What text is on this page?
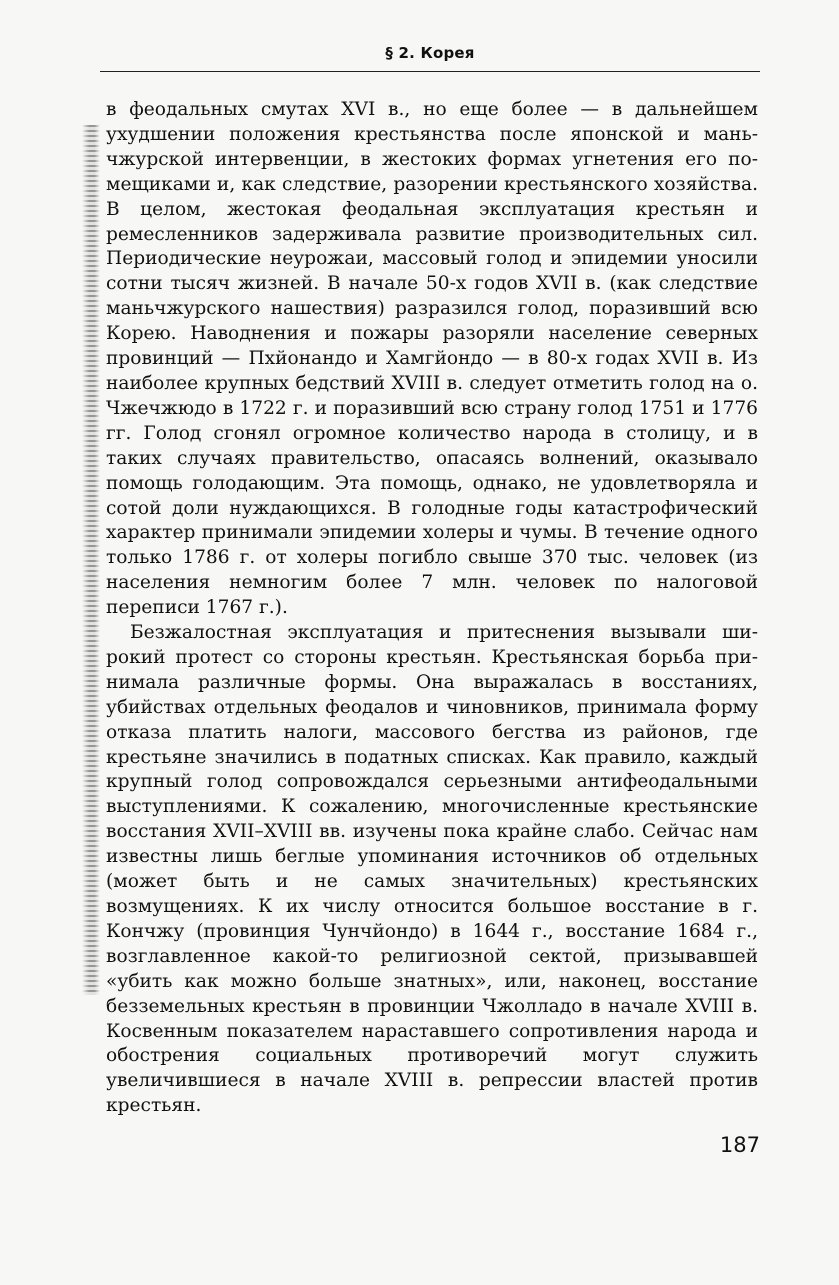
§ 2. Корея

в феодальных смутах XVI в., но еще более — в дальнейшем ухудшении положения крестьянства после японской и маньчжурской интервенции, в жестоких формах угнетения его помещиками и, как следствие, разорении крестьянского хозяйства. В целом, жестокая феодальная эксплуатация крестьян и ремесленников задерживала развитие производительных сил. Периодические неурожаи, массовый голод и эпидемии уносили сотни тысяч жизней. В начале 50-х годов XVII в. (как следствие маньчжурского нашествия) разразился голод, поразивший всю Корею. Наводнения и пожары разоряли население северных провинций — Пхйонандо и Хамгйондо — в 80-х годах XVII в. Из наиболее крупных бедствий XVIII в. следует отметить голод на о. Чжечжюдо в 1722 г. и поразивший всю страну голод 1751 и 1776 гг. Голод сгонял огромное количество народа в столицу, и в таких случаях правительство, опасаясь волнений, оказывало помощь голодающим. Эта помощь, однако, не удовлетворяла и сотой доли нуждающихся. В голодные годы катастрофический характер принимали эпидемии холеры и чумы. В течение одного только 1786 г. от холеры погибло свыше 370 тыс. человек (из населения немногим более 7 млн. человек по налоговой переписи 1767 г.).

Безжалостная эксплуатация и притеснения вызывали широкий протест со стороны крестьян. Крестьянская борьба принимала различные формы. Она выражалась в восстаниях, убийствах отдельных феодалов и чиновников, принимала форму отказа платить налоги, массового бегства из районов, где крестьяне значились в податных списках. Как правило, каждый крупный голод сопровождался серьезными антифеодальными выступлениями. К сожалению, многочисленные крестьянские восстания XVII–XVIII вв. изучены пока крайне слабо. Сейчас нам известны лишь беглые упоминания источников об отдельных (может быть и не самых значительных) крестьянских возмущениях. К их числу относится большое восстание в г. Кончжу (провинция Чунчйондо) в 1644 г., восстание 1684 г., возглавленное какой-то религиозной сектой, призывавшей «убить как можно больше знатных», или, наконец, восстание безземельных крестьян в провинции Чжолладо в начале XVIII в. Косвенным показателем нараставшего сопротивления народа и обострения социальных противоречий могут служить увеличившиеся в начале XVIII в. репрессии властей против крестьян.

187
